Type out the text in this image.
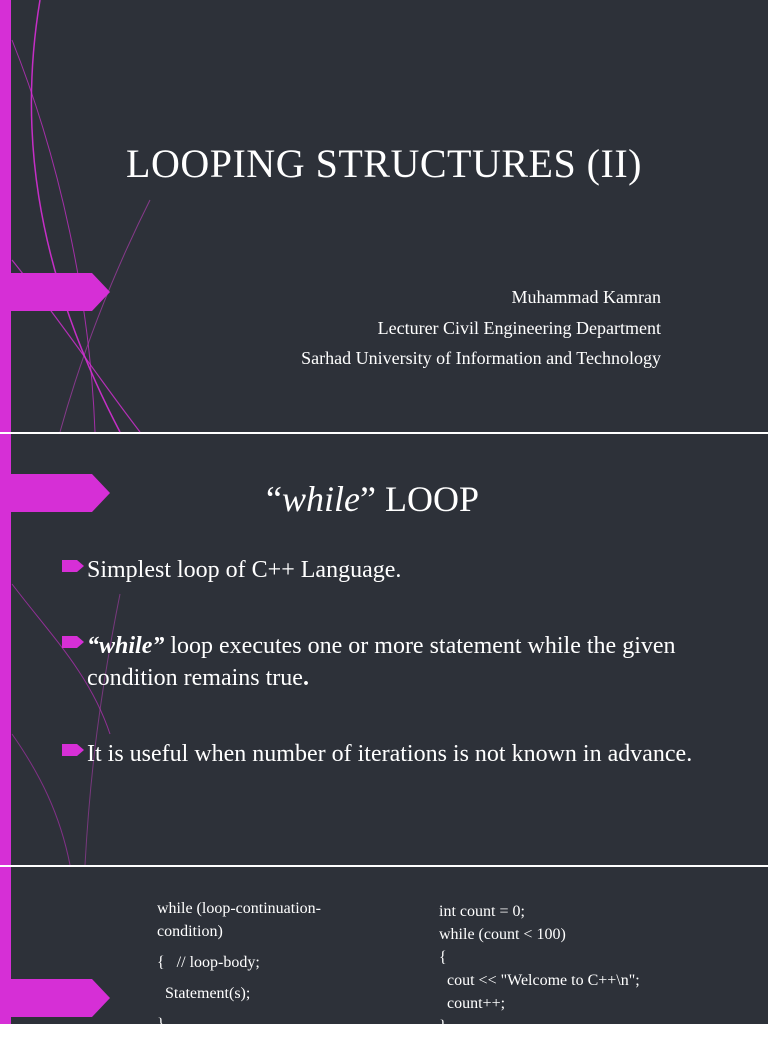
LOOPING STRUCTURES (II)
Muhammad Kamran
Lecturer Civil Engineering Department
Sarhad University of Information and Technology
“while” LOOP
Simplest loop of C++ Language.
“while” loop executes one or more statement while the given condition remains true.
It is useful when number of iterations is not known in advance.
while (loop-continuation-
condition)
{   // loop-body;
Statement(s);
}
int count = 0;
while (count < 100)
{
cout << "Welcome to C++\n";
count++;
}
